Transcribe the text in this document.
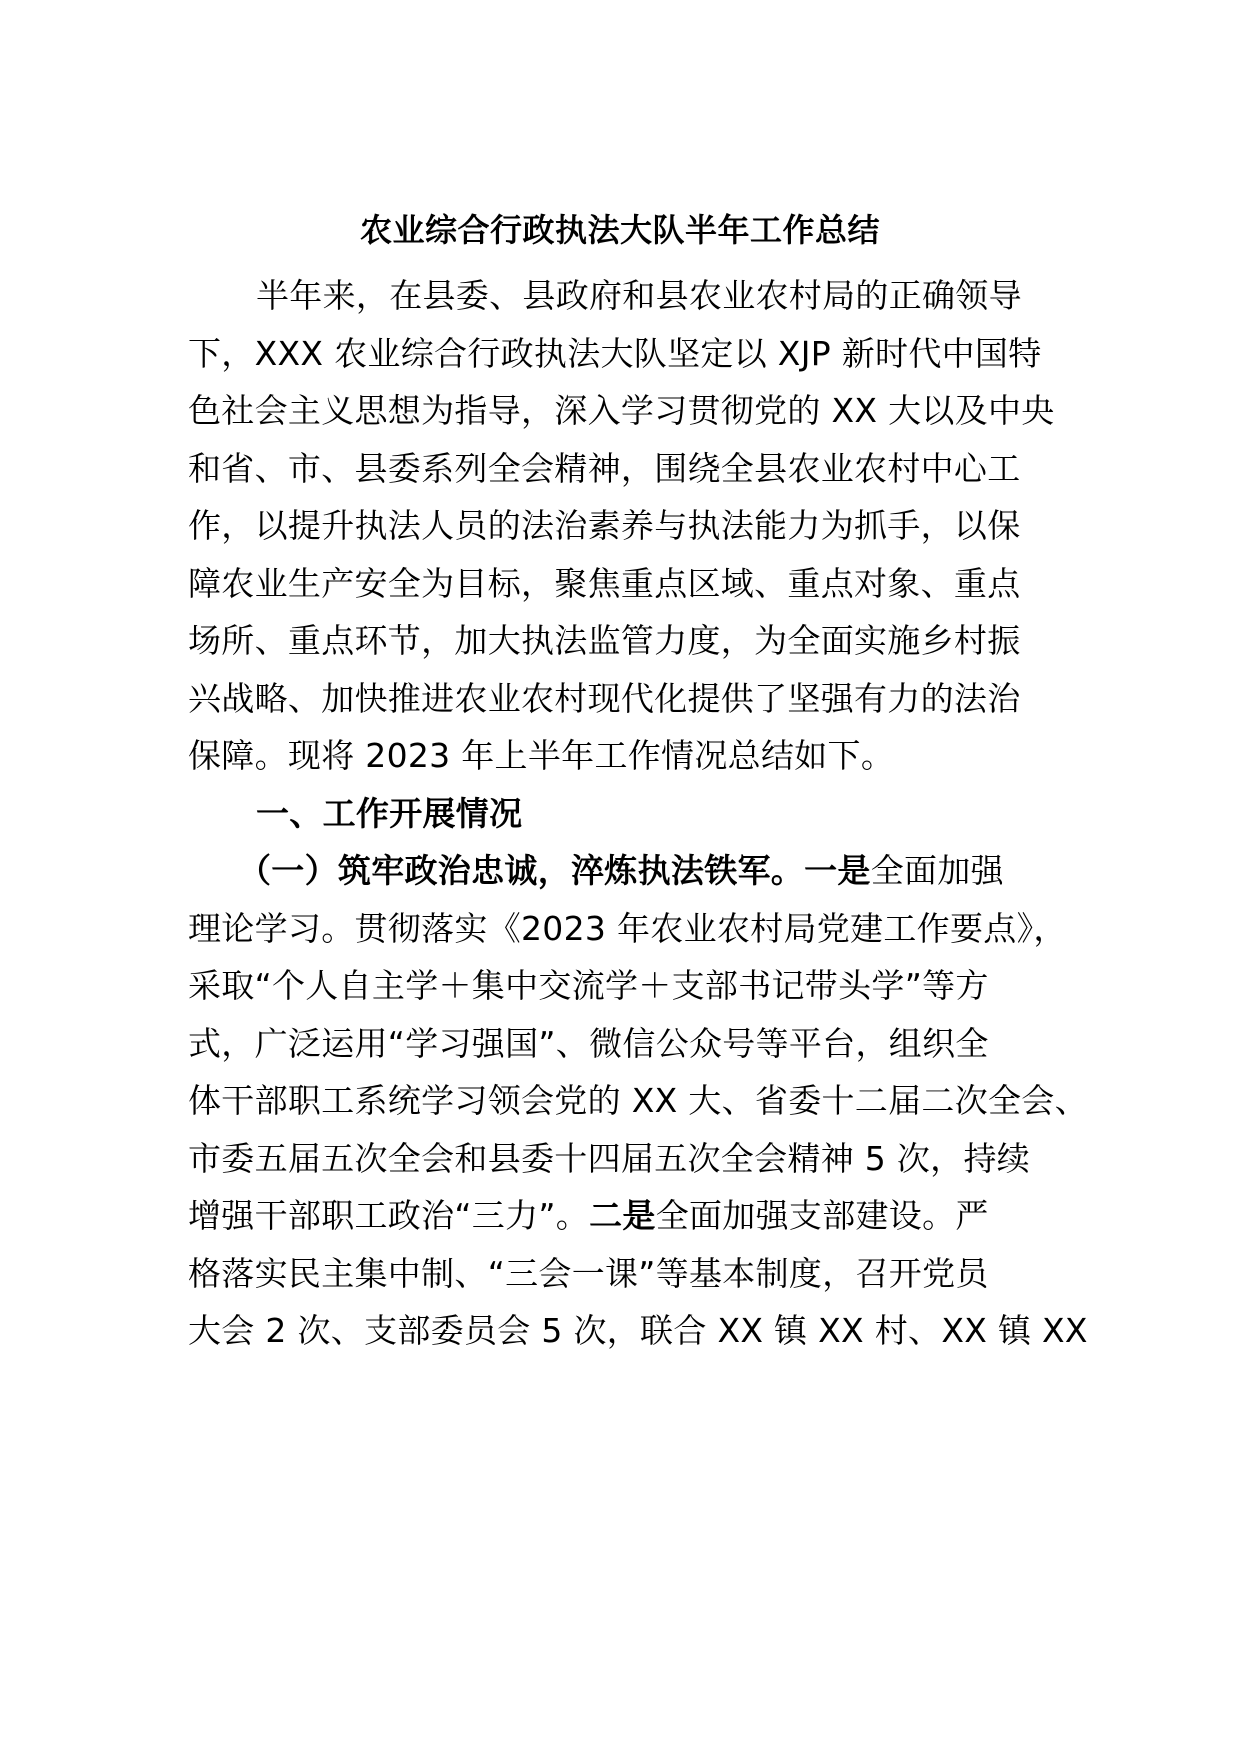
农业综合行政执法大队半年工作总结
半年来，在县委、县政府和县农业农村局的正确领导
下，XXX 农业综合行政执法大队坚定以 XJP 新时代中国特
色社会主义思想为指导，深入学习贯彻党的 XX 大以及中央
和省、市、县委系列全会精神，围绕全县农业农村中心工
作，以提升执法人员的法治素养与执法能力为抓手，以保
障农业生产安全为目标，聚焦重点区域、重点对象、重点
场所、重点环节，加大执法监管力度，为全面实施乡村振
兴战略、加快推进农业农村现代化提供了坚强有力的法治
保障。现将 2023 年上半年工作情况总结如下。
一、工作开展情况
（一）筑牢政治忠诚，淬炼执法铁军。一是全面加强
理论学习。贯彻落实《2023 年农业农村局党建工作要点》，
采取“个人自主学＋集中交流学＋支部书记带头学”等方
式，广泛运用“学习强国”、微信公众号等平台，组织全
体干部职工系统学习领会党的 XX 大、省委十二届二次全会、
市委五届五次全会和县委十四届五次全会精神 5 次，持续
增强干部职工政治“三力”。二是全面加强支部建设。严
格落实民主集中制、“三会一课”等基本制度，召开党员
大会 2 次、支部委员会 5 次，联合 XX 镇 XX 村、XX 镇 XX
